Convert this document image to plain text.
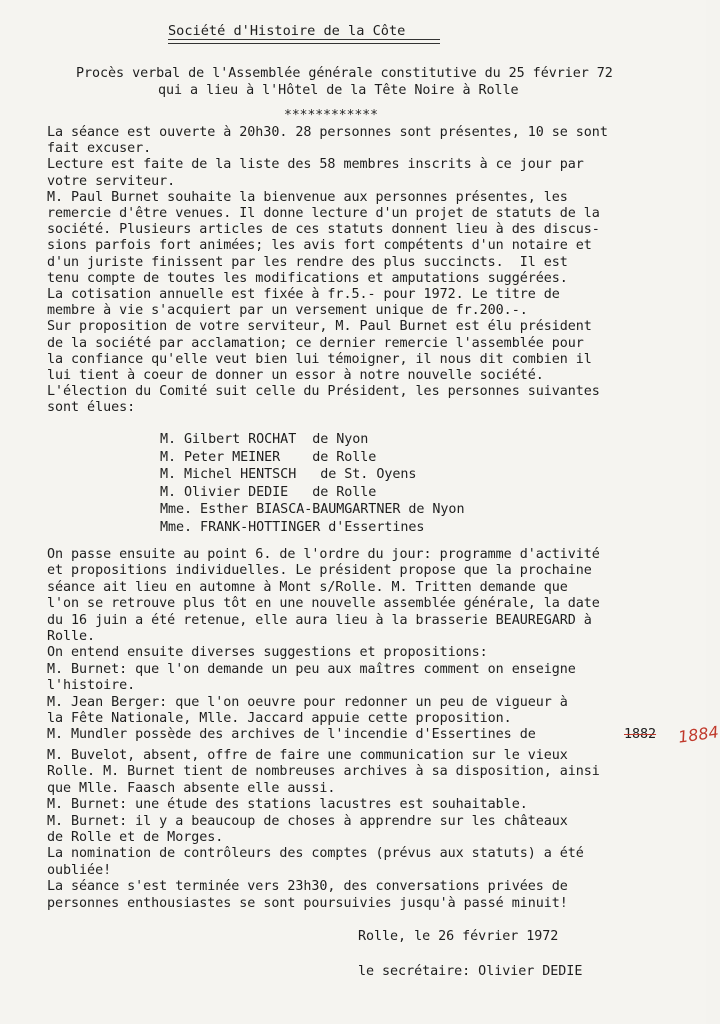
Société d'Histoire de la Côte
Procès verbal de l'Assemblée générale constitutive du 25 février 72
qui a lieu à l'Hôtel de la Tête Noire à Rolle
************
La séance est ouverte à 20h30. 28 personnes sont présentes, 10 se sont
fait excuser.
Lecture est faite de la liste des 58 membres inscrits à ce jour par
votre serviteur.
M. Paul Burnet souhaite la bienvenue aux personnes présentes, les
remercie d'être venues. Il donne lecture d'un projet de statuts de la
société. Plusieurs articles de ces statuts donnent lieu à des discus-
sions parfois fort animées; les avis fort compétents d'un notaire et
d'un juriste finissent par les rendre des plus succincts.  Il est
tenu compte de toutes les modifications et amputations suggérées.
La cotisation annuelle est fixée à fr.5.- pour 1972. Le titre de
membre à vie s'acquiert par un versement unique de fr.200.-.
Sur proposition de votre serviteur, M. Paul Burnet est élu président
de la société par acclamation; ce dernier remercie l'assemblée pour
la confiance qu'elle veut bien lui témoigner, il nous dit combien il
lui tient à coeur de donner un essor à notre nouvelle société.
L'élection du Comité suit celle du Président, les personnes suivantes
sont élues:
M. Gilbert ROCHAT  de Nyon
M. Peter MEINER    de Rolle
M. Michel HENTSCH   de St. Oyens
M. Olivier DEDIE   de Rolle
Mme. Esther BIASCA-BAUMGARTNER de Nyon
Mme. FRANK-HOTTINGER d'Essertines
On passe ensuite au point 6. de l'ordre du jour: programme d'activité
et propositions individuelles. Le président propose que la prochaine
séance ait lieu en automne à Mont s/Rolle. M. Tritten demande que
l'on se retrouve plus tôt en une nouvelle assemblée générale, la date
du 16 juin a été retenue, elle aura lieu à la brasserie BEAUREGARD à
Rolle.
On entend ensuite diverses suggestions et propositions:
M. Burnet: que l'on demande un peu aux maîtres comment on enseigne
l'histoire.
M. Jean Berger: que l'on oeuvre pour redonner un peu de vigueur à
la Fête Nationale, Mlle. Jaccard appuie cette proposition.
M. Mundler possède des archives de l'incendie d'Essertines de	1882 1884
M. Buvelot, absent, offre de faire une communication sur le vieux
Rolle. M. Burnet tient de nombreuses archives à sa disposition, ainsi
que Mlle. Faasch absente elle aussi.
M. Burnet: une étude des stations lacustres est souhaitable.
M. Burnet: il y a beaucoup de choses à apprendre sur les châteaux
de Rolle et de Morges.
La nomination de contrôleurs des comptes (prévus aux statuts) a été
oubliée!
La séance s'est terminée vers 23h30, des conversations privées de
personnes enthousiastes se sont poursuivies jusqu'à passé minuit!
Rolle, le 26 février 1972
le secrétaire: Olivier DEDIE
